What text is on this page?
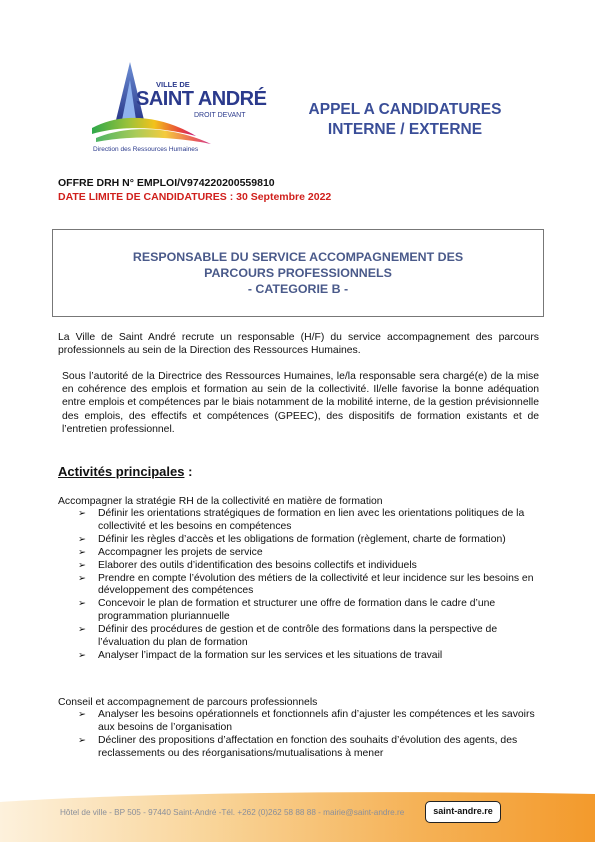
VILLE DE
SAINT ANDRÉ
DROIT DEVANT
Direction des Ressources Humaines
APPEL A CANDIDATURES
INTERNE / EXTERNE
OFFRE DRH N° EMPLOI/V974220200559810
DATE LIMITE DE CANDIDATURES : 30 Septembre 2022
RESPONSABLE DU SERVICE ACCOMPAGNEMENT DES
PARCOURS PROFESSIONNELS
- CATEGORIE B -
La Ville de Saint André recrute un responsable (H/F) du service accompagnement des parcours professionnels au sein de la Direction des Ressources Humaines.
Sous l’autorité de la Directrice des Ressources Humaines, le/la responsable sera chargé(e) de la mise en cohérence des emplois et formation au sein de la collectivité. Il/elle favorise la bonne adéquation entre emplois et compétences par le biais notamment de la mobilité interne, de la gestion prévisionnelle des emplois, des effectifs et compétences (GPEEC), des dispositifs de formation existants et de l’entretien professionnel.
Activités principales :
Accompagner la stratégie RH de la collectivité en matière de formation
➢ Définir les orientations stratégiques de formation en lien avec les orientations politiques de la collectivité et les besoins en compétences
➢ Définir les règles d’accès et les obligations de formation (règlement, charte de formation)
➢ Accompagner les projets de service
➢ Elaborer des outils d’identification des besoins collectifs et individuels
➢ Prendre en compte l’évolution des métiers de la collectivité et leur incidence sur les besoins en développement des compétences
➢ Concevoir le plan de formation et structurer une offre de formation dans le cadre d’une programmation pluriannuelle
➢ Définir des procédures de gestion et de contrôle des formations dans la perspective de l’évaluation du plan de formation
➢ Analyser l’impact de la formation sur les services et les situations de travail
Conseil et accompagnement de parcours professionnels
➢ Analyser les besoins opérationnels et fonctionnels afin d’ajuster les compétences et les savoirs aux besoins de l’organisation
➢ Décliner des propositions d’affectation en fonction des souhaits d’évolution des agents, des reclassements ou des réorganisations/mutualisations à mener
Hôtel de ville - BP 505 - 97440 Saint-André -Tél. +262 (0)262 58 88 88 - mairie@saint-andre.re	saint-andre.re
